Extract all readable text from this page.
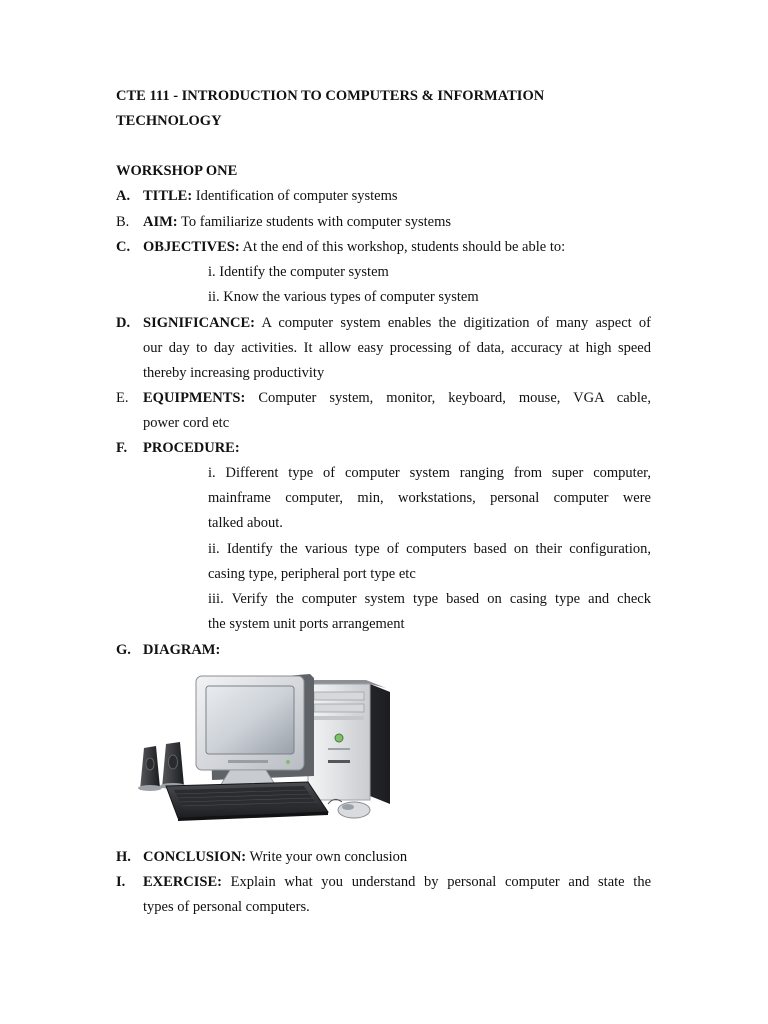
CTE 111 - INTRODUCTION TO COMPUTERS & INFORMATION
TECHNOLOGY
WORKSHOP ONE
A. TITLE: Identification of computer systems
B. AIM: To familiarize students with computer systems
C. OBJECTIVES: At the end of this workshop, students should be able to:
i. Identify the computer system
ii. Know the various types of computer system
D. SIGNIFICANCE: A computer system enables the digitization of many aspect of
our day to day activities. It allow easy processing of data, accuracy at high speed
thereby increasing productivity
E. EQUIPMENTS: Computer system, monitor, keyboard, mouse, VGA cable,
power cord etc
F. PROCEDURE:
i. Different type of computer system ranging from super computer,
mainframe computer, min, workstations, personal computer were
talked about.
ii. Identify the various type of computers based on their configuration,
casing type, peripheral port type etc
iii. Verify the computer system type based on casing type and check
the system unit ports arrangement
G. DIAGRAM:
H. CONCLUSION: Write your own conclusion
I. EXERCISE: Explain what you understand by personal computer and state the
types of personal computers.
